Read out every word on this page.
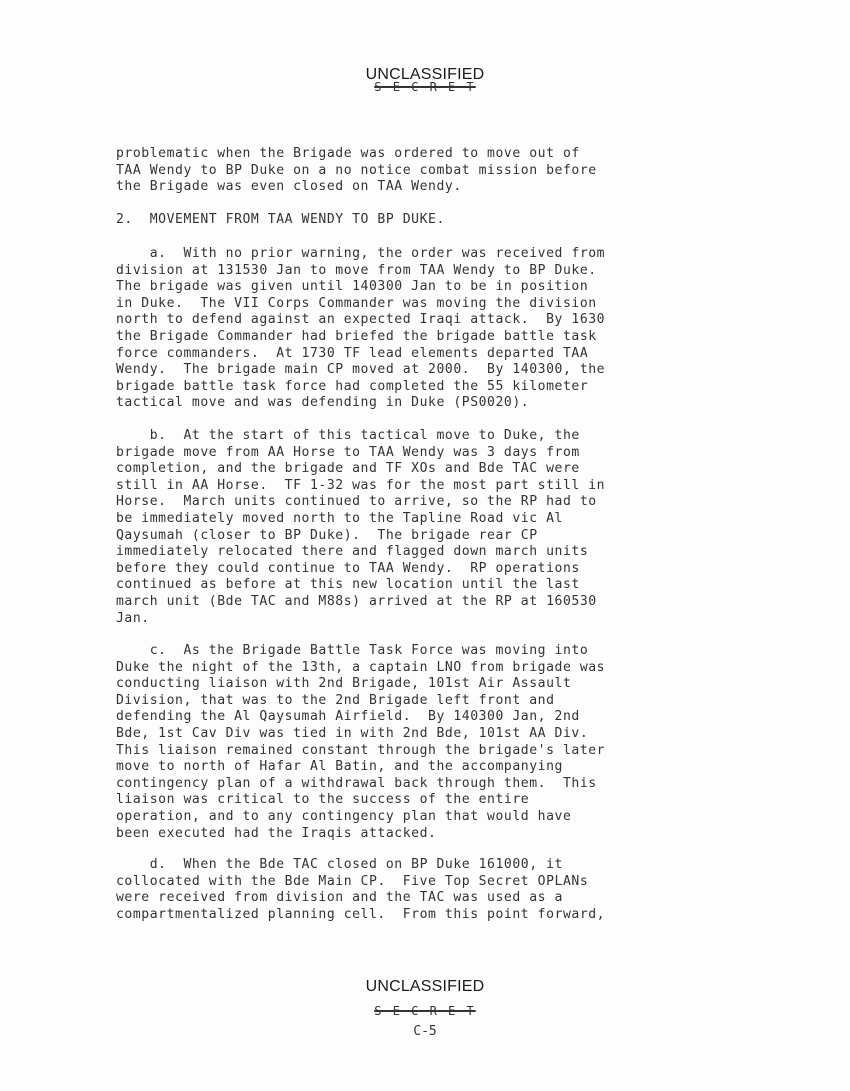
UNCLASSIFIED
S E C R E T
problematic when the Brigade was ordered to move out of
TAA Wendy to BP Duke on a no notice combat mission before
the Brigade was even closed on TAA Wendy.
2.  MOVEMENT FROM TAA WENDY TO BP DUKE.
a.  With no prior warning, the order was received from
division at 131530 Jan to move from TAA Wendy to BP Duke.
The brigade was given until 140300 Jan to be in position
in Duke.  The VII Corps Commander was moving the division
north to defend against an expected Iraqi attack.  By 1630
the Brigade Commander had briefed the brigade battle task
force commanders.  At 1730 TF lead elements departed TAA
Wendy.  The brigade main CP moved at 2000.  By 140300, the
brigade battle task force had completed the 55 kilometer
tactical move and was defending in Duke (PS0020).
b.  At the start of this tactical move to Duke, the
brigade move from AA Horse to TAA Wendy was 3 days from
completion, and the brigade and TF XOs and Bde TAC were
still in AA Horse.  TF 1-32 was for the most part still in
Horse.  March units continued to arrive, so the RP had to
be immediately moved north to the Tapline Road vic Al
Qaysumah (closer to BP Duke).  The brigade rear CP
immediately relocated there and flagged down march units
before they could continue to TAA Wendy.  RP operations
continued as before at this new location until the last
march unit (Bde TAC and M88s) arrived at the RP at 160530
Jan.
c.  As the Brigade Battle Task Force was moving into
Duke the night of the 13th, a captain LNO from brigade was
conducting liaison with 2nd Brigade, 101st Air Assault
Division, that was to the 2nd Brigade left front and
defending the Al Qaysumah Airfield.  By 140300 Jan, 2nd
Bde, 1st Cav Div was tied in with 2nd Bde, 101st AA Div.
This liaison remained constant through the brigade's later
move to north of Hafar Al Batin, and the accompanying
contingency plan of a withdrawal back through them.  This
liaison was critical to the success of the entire
operation, and to any contingency plan that would have
been executed had the Iraqis attacked.
d.  When the Bde TAC closed on BP Duke 161000, it
collocated with the Bde Main CP.  Five Top Secret OPLANs
were received from division and the TAC was used as a
compartmentalized planning cell.  From this point forward,
UNCLASSIFIED
S E C R E T
C-5
